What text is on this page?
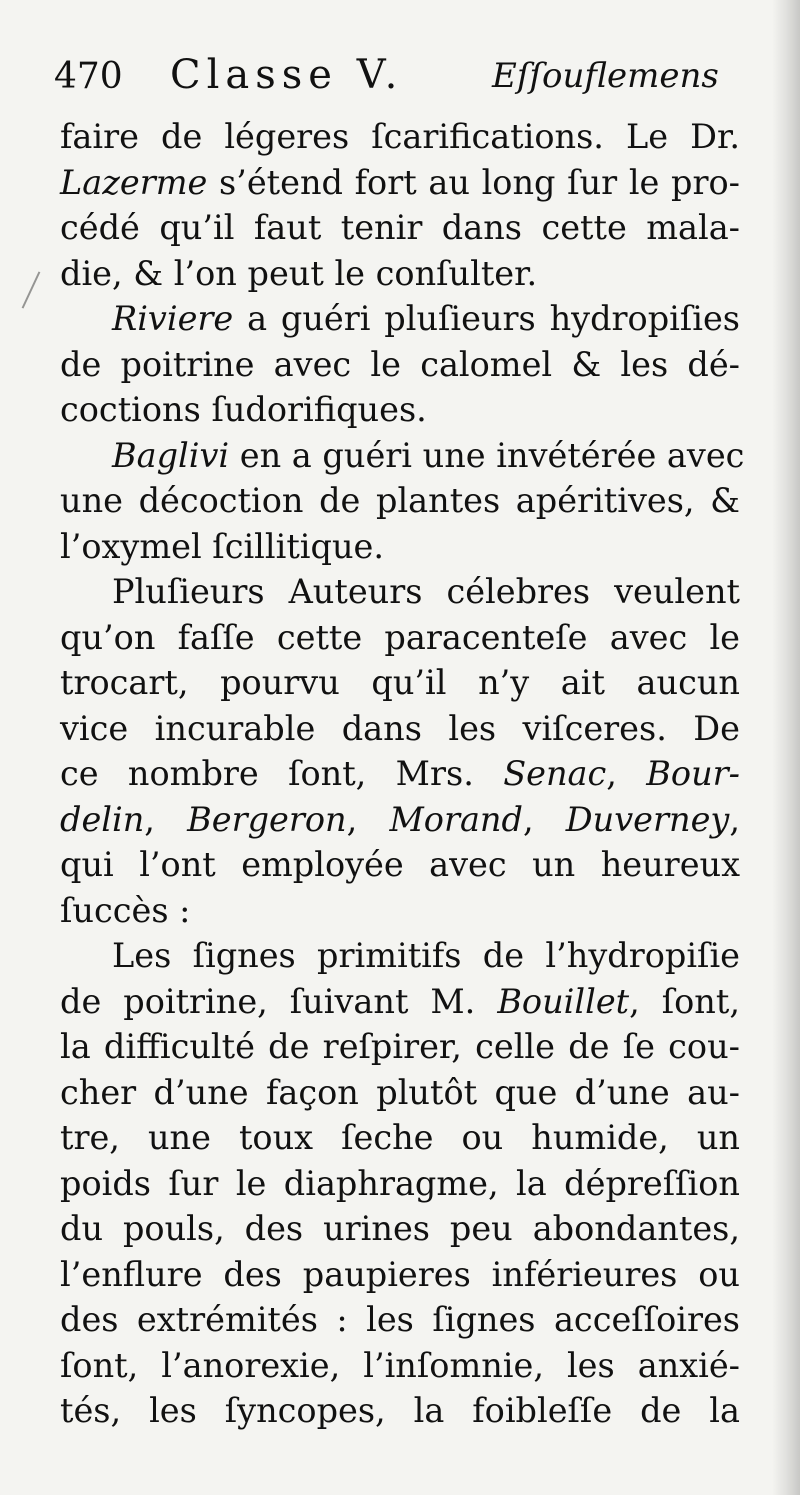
470 Classe V.	Eſſouflemens
faire de légeres ſcarifications. Le Dr.
Lazerme s’étend fort au long ſur le pro-
cédé qu’il faut tenir dans cette mala-
die, & l’on peut le conſulter.
Riviere a guéri pluſieurs hydropiſies
de poitrine avec le calomel & les dé-
coctions ſudorifiques.
Baglivi en a guéri une invétérée avec
une décoction de plantes apéritives, &
l’oxymel ſcillitique.
Pluſieurs Auteurs célebres veulent
qu’on faſſe cette paracenteſe avec le
trocart, pourvu qu’il n’y ait aucun
vice incurable dans les viſceres. De
ce nombre ſont, Mrs. Senac, Bour-
delin, Bergeron, Morand, Duverney,
qui l’ont employée avec un heureux
ſuccès :
Les ſignes primitifs de l’hydropiſie
de poitrine, ſuivant M. Bouillet, ſont,
la difficulté de reſpirer, celle de ſe cou-
cher d’une façon plutôt que d’une au-
tre, une toux ſeche ou humide, un
poids ſur le diaphragme, la dépreſſion
du pouls, des urines peu abondantes,
l’enflure des paupieres inférieures ou
des extrémités : les ſignes acceſſoires
ſont, l’anorexie, l’inſomnie, les anxié-
tés, les ſyncopes, la foibleſſe de la
